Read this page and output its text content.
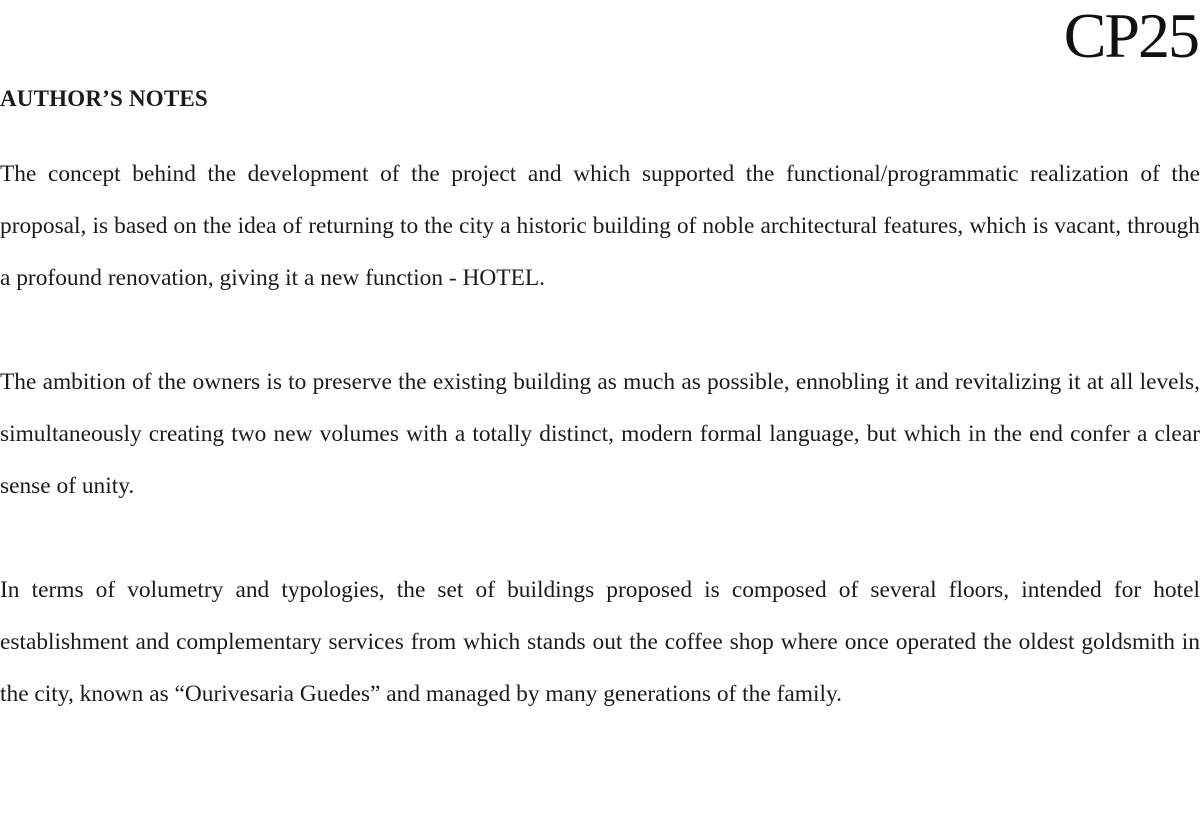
CP25
AUTHOR’S NOTES

The concept behind the development of the project and which supported the functional/programmatic realization of the proposal, is based on the idea of returning to the city a historic building of noble architectural features, which is vacant, through a profound renovation, giving it a new function - HOTEL.

The ambition of the owners is to preserve the existing building as much as possible, ennobling it and revitalizing it at all levels, simultaneously creating two new volumes with a totally distinct, modern formal language, but which in the end confer a clear sense of unity.

In terms of volumetry and typologies, the set of buildings proposed is composed of several floors, intended for hotel establishment and complementary services from which stands out the coffee shop where once operated the oldest goldsmith in the city, known as “Ourivesaria Guedes” and managed by many generations of the family.
